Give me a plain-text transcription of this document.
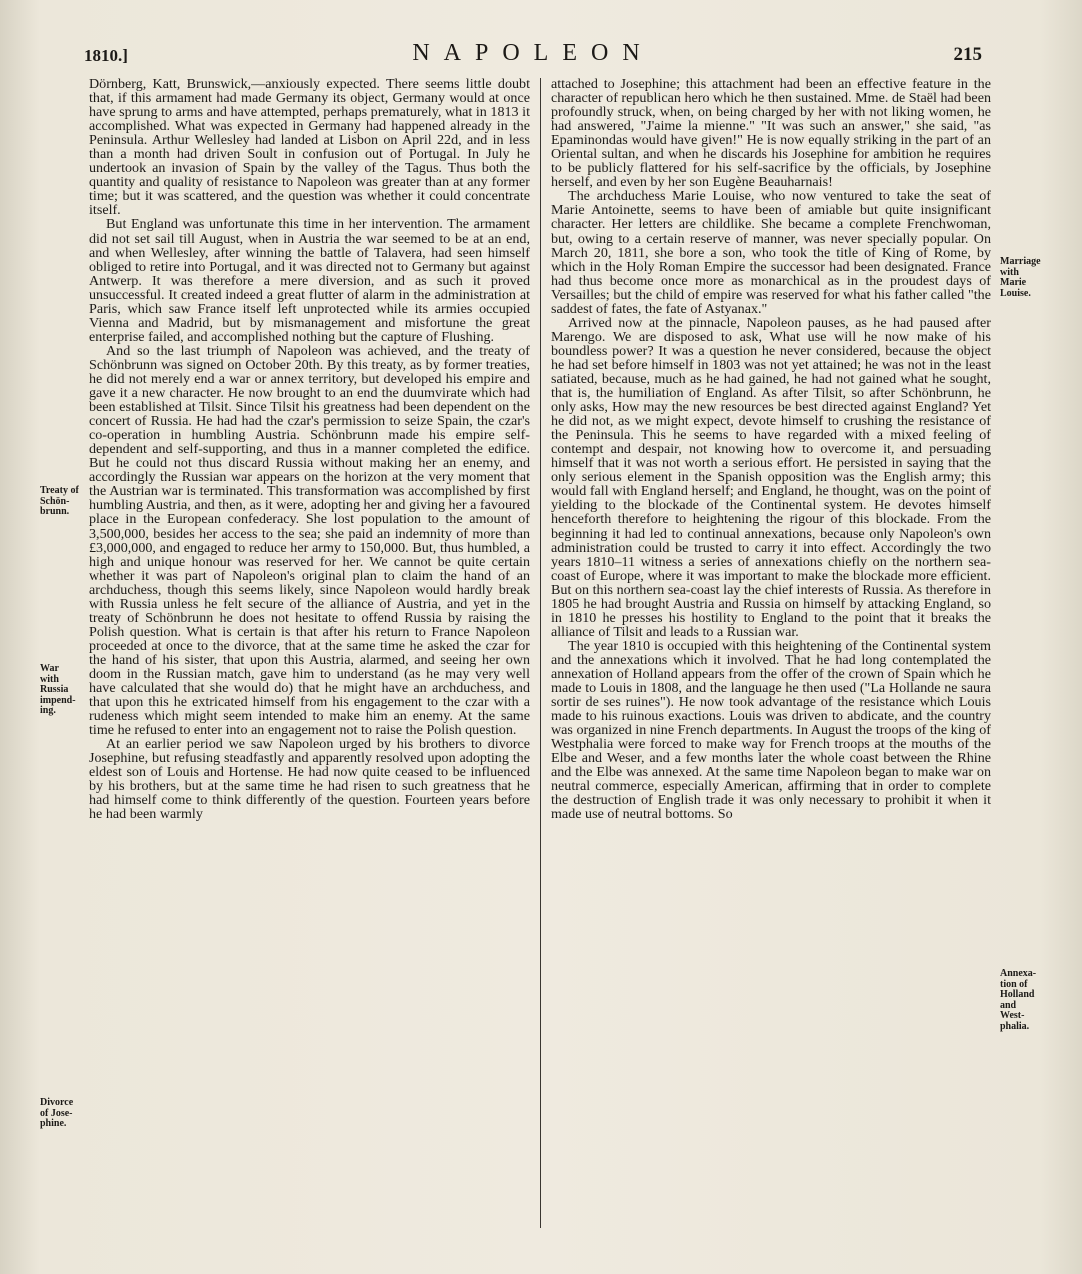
1810.]	NAPOLEON	215

Dörnberg, Katt, Brunswick,—anxiously expected. There seems little doubt that, if this armament had made Germany its object, Germany would at once have sprung to arms and have attempted, perhaps prematurely, what in 1813 it accomplished. What was expected in Germany had happened already in the Peninsula. Arthur Wellesley had landed at Lisbon on April 22d, and in less than a month had driven Soult in confusion out of Portugal. In July he undertook an invasion of Spain by the valley of the Tagus. Thus both the quantity and quality of resistance to Napoleon was greater than at any former time; but it was scattered, and the question was whether it could concentrate itself.

But England was unfortunate this time in her intervention. The armament did not set sail till August, when in Austria the war seemed to be at an end, and when Wellesley, after winning the battle of Talavera, had seen himself obliged to retire into Portugal, and it was directed not to Germany but against Antwerp. It was therefore a mere diversion, and as such it proved unsuccessful. It created indeed a great flutter of alarm in the administration at Paris, which saw France itself left unprotected while its armies occupied Vienna and Madrid, but by mismanagement and misfortune the great enterprise failed, and accomplished nothing but the capture of Flushing.

And so the last triumph of Napoleon was achieved, and the treaty of Schönbrunn was signed on October 20th. By this treaty, as by former treaties, he did not merely end a war or annex territory, but developed his empire and gave it a new character. He now brought to an end the duumvirate which had been established at Tilsit. Since Tilsit his greatness had been dependent on the concert of Russia. He had had the czar's permission to seize Spain, the czar's co-operation in humbling Austria. Schönbrunn made his empire self-dependent and self-supporting, and thus in a manner completed the edifice. But he could not thus discard Russia without making her an enemy, and accordingly the Russian war appears on the horizon at the very moment that the Austrian war is terminated. This transformation was accomplished by first humbling Austria, and then, as it were, adopting her and giving her a favoured place in the European confederacy. She lost population to the amount of 3,500,000, besides her access to the sea; she paid an indemnity of more than £3,000,000, and engaged to reduce her army to 150,000. But, thus humbled, a high and unique honour was reserved for her. We cannot be quite certain whether it was part of Napoleon's original plan to claim the hand of an archduchess, though this seems likely, since Napoleon would hardly break with Russia unless he felt secure of the alliance of Austria, and yet in the treaty of Schönbrunn he does not hesitate to offend Russia by raising the Polish question. What is certain is that after his return to France Napoleon proceeded at once to the divorce, that at the same time he asked the czar for the hand of his sister, that upon this Austria, alarmed, and seeing her own doom in the Russian match, gave him to understand (as he may very well have calculated that she would do) that he might have an archduchess, and that upon this he extricated himself from his engagement to the czar with a rudeness which might seem intended to make him an enemy. At the same time he refused to enter into an engagement not to raise the Polish question.

At an earlier period we saw Napoleon urged by his brothers to divorce Josephine, but refusing steadfastly and apparently resolved upon adopting the eldest son of Louis and Hortense. He had now quite ceased to be influenced by his brothers, but at the same time he had risen to such greatness that he had himself come to think differently of the question. Fourteen years before he had been warmly

attached to Josephine; this attachment had been an effective feature in the character of republican hero which he then sustained. Mme. de Staël had been profoundly struck, when, on being charged by her with not liking women, he had answered, "J'aime la mienne." "It was such an answer," she said, "as Epaminondas would have given!" He is now equally striking in the part of an Oriental sultan, and when he discards his Josephine for ambition he requires to be publicly flattered for his self-sacrifice by the officials, by Josephine herself, and even by her son Eugène Beauharnais!

The archduchess Marie Louise, who now ventured to take the seat of Marie Antoinette, seems to have been of amiable but quite insignificant character. Her letters are childlike. She became a complete Frenchwoman, but, owing to a certain reserve of manner, was never specially popular. On March 20, 1811, she bore a son, who took the title of King of Rome, by which in the Holy Roman Empire the successor had been designated. France had thus become once more as monarchical as in the proudest days of Versailles; but the child of empire was reserved for what his father called "the saddest of fates, the fate of Astyanax."

Arrived now at the pinnacle, Napoleon pauses, as he had paused after Marengo. We are disposed to ask, What use will he now make of his boundless power? It was a question he never considered, because the object he had set before himself in 1803 was not yet attained; he was not in the least satiated, because, much as he had gained, he had not gained what he sought, that is, the humiliation of England. As after Tilsit, so after Schönbrunn, he only asks, How may the new resources be best directed against England? Yet he did not, as we might expect, devote himself to crushing the resistance of the Peninsula. This he seems to have regarded with a mixed feeling of contempt and despair, not knowing how to overcome it, and persuading himself that it was not worth a serious effort. He persisted in saying that the only serious element in the Spanish opposition was the English army; this would fall with England herself; and England, he thought, was on the point of yielding to the blockade of the Continental system. He devotes himself henceforth therefore to heightening the rigour of this blockade. From the beginning it had led to continual annexations, because only Napoleon's own administration could be trusted to carry it into effect. Accordingly the two years 1810–11 witness a series of annexations chiefly on the northern sea-coast of Europe, where it was important to make the blockade more efficient. But on this northern sea-coast lay the chief interests of Russia. As therefore in 1805 he had brought Austria and Russia on himself by attacking England, so in 1810 he presses his hostility to England to the point that it breaks the alliance of Tilsit and leads to a Russian war.

The year 1810 is occupied with this heightening of the Continental system and the annexations which it involved. That he had long contemplated the annexation of Holland appears from the offer of the crown of Spain which he made to Louis in 1808, and the language he then used ("La Hollande ne saura sortir de ses ruines"). He now took advantage of the resistance which Louis made to his ruinous exactions. Louis was driven to abdicate, and the country was organized in nine French departments. In August the troops of the king of Westphalia were forced to make way for French troops at the mouths of the Elbe and Weser, and a few months later the whole coast between the Rhine and the Elbe was annexed. At the same time Napoleon began to make war on neutral commerce, especially American, affirming that in order to complete the destruction of English trade it was only necessary to prohibit it when it made use of neutral bottoms. So

Treaty of
Schön-
brunn.
War
with
Russia
impend-
ing.
Divorce
of Jose-
phine.
Marriage
with
Marie
Louise.
Annexa-
tion of
Holland
and
West-
phalia.
